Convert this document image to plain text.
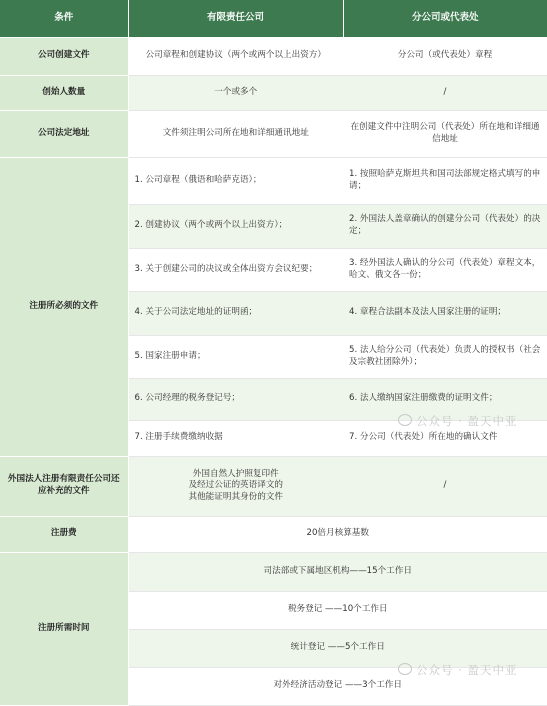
条件	有限责任公司	分公司或代表处
公司创建文件	公司章程和创建协议（两个或两个以上出资方）	分公司（或代表处）章程
创始人数量	一个或多个	/
公司法定地址	文件须注明公司所在地和详细通讯地址	在创建文件中注明公司（代表处）所在地和详细通信地址
注册所必须的文件	1. 公司章程（俄语和哈萨克语）；	1. 按照哈萨克斯坦共和国司法部规定格式填写的申请；
	2. 创建协议（两个或两个以上出资方）；	2. 外国法人盖章确认的创建分公司（代表处）的决定；
	3. 关于创建公司的决议或全体出资方会议纪要；	3. 经外国法人确认的分公司（代表处）章程文本，哈文、俄文各一份；
	4. 关于公司法定地址的证明函；	4. 章程合法副本及法人国家注册的证明；
	5. 国家注册申请；	5. 法人给分公司（代表处）负责人的授权书（社会及宗教社团除外）；
	6. 公司经理的税务登记号；	6. 法人缴纳国家注册缴费的证明文件；
	7. 注册手续费缴纳收据	7. 分公司（代表处）所在地的确认文件
外国法人注册有限责任公司还应补充的文件	外国自然人护照复印件
及经过公证的英语译文的
其他能证明其身份的文件	/
注册费	20倍月核算基数	
注册所需时间	司法部或下属地区机构——15个工作日	
	税务登记 ——10个工作日	
	统计登记 ——5个工作日	
	对外经济活动登记 ——3个工作日	
公众号 · 盈天中亚
公众号 · 盈天中亚
